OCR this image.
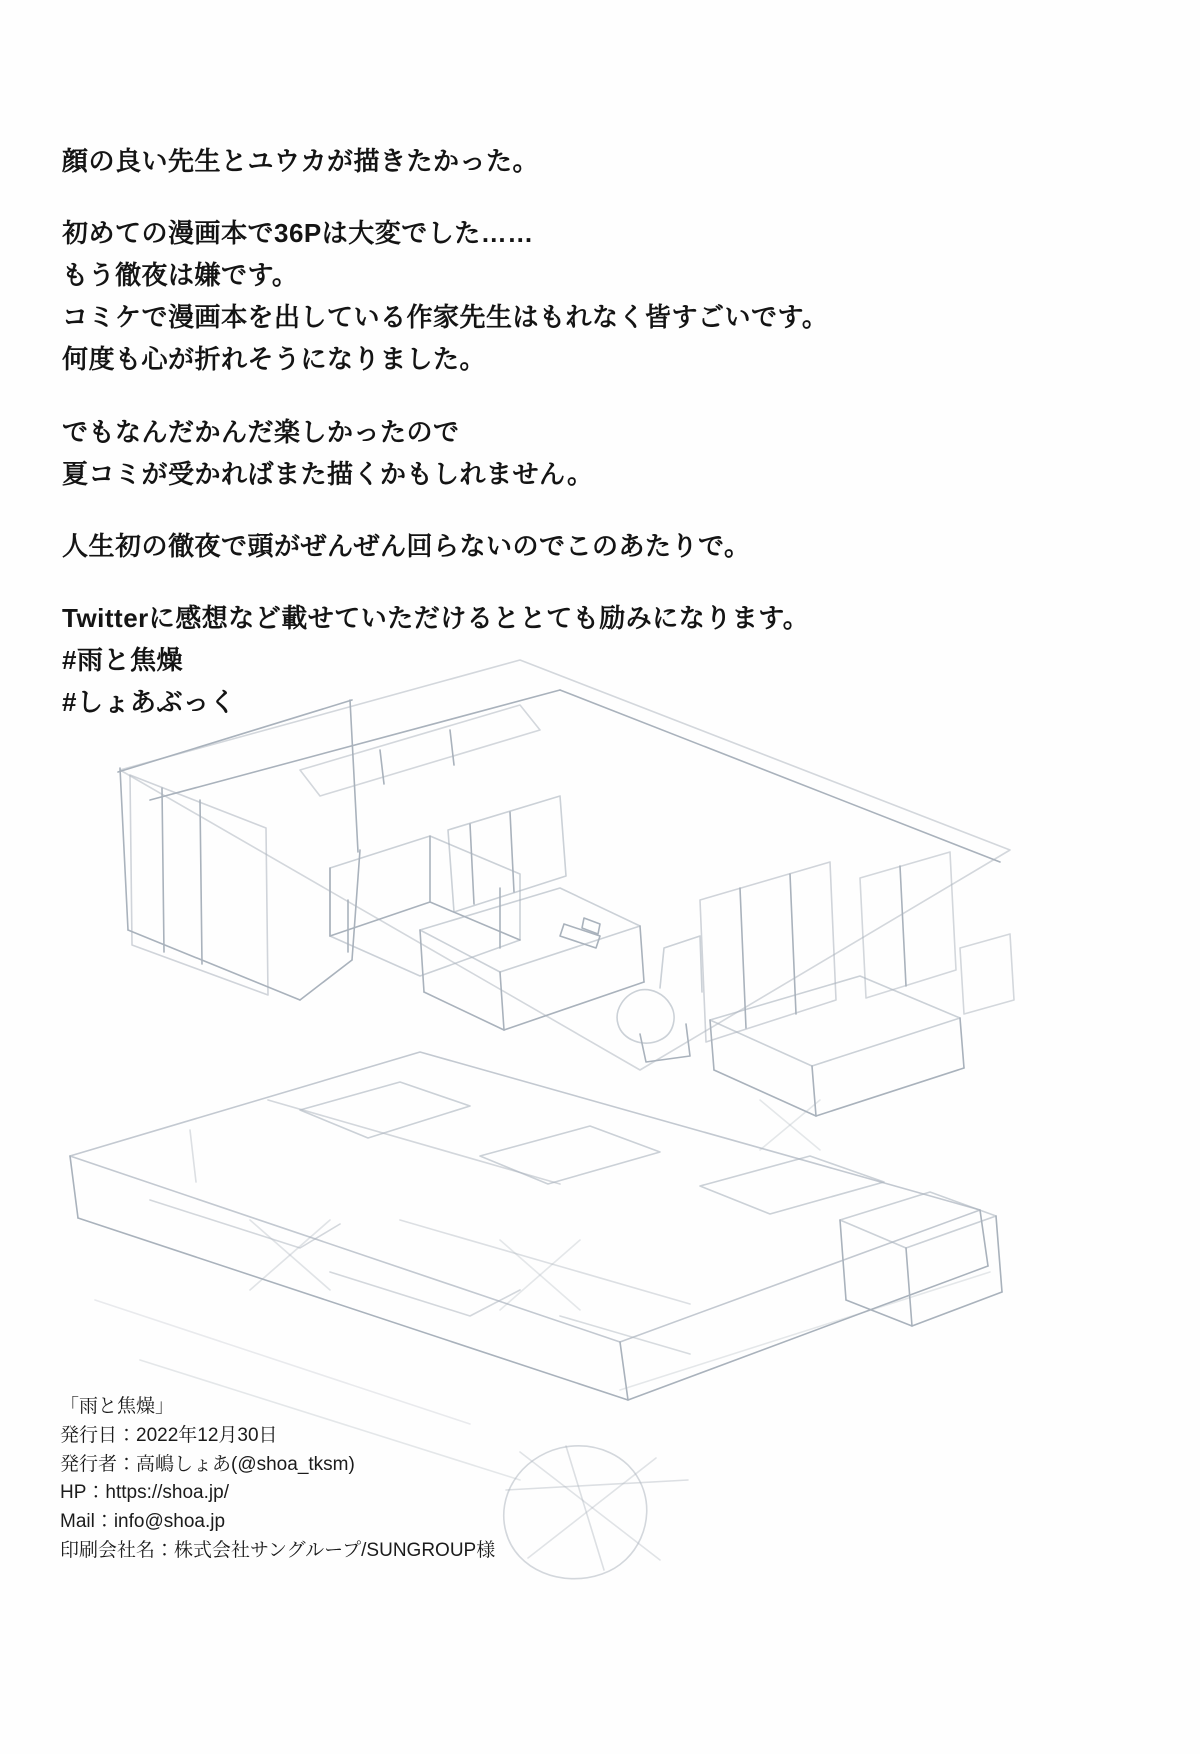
顔の良い先生とユウカが描きたかった。
初めての漫画本で36Pは大変でした……
もう徹夜は嫌です。
コミケで漫画本を出している作家先生はもれなく皆すごいです。
何度も心が折れそうになりました。
でもなんだかんだ楽しかったので
夏コミが受かればまた描くかもしれません。
人生初の徹夜で頭がぜんぜん回らないのでこのあたりで。
Twitterに感想など載せていただけるととても励みになります。
#雨と焦燥
#しょあぶっく
「雨と焦燥」
発行日：2022年12月30日
発行者：高嶋しょあ(@shoa_tksm)
HP：https://shoa.jp/
Mail：info@shoa.jp
印刷会社名：株式会社サングループ/SUNGROUP様
